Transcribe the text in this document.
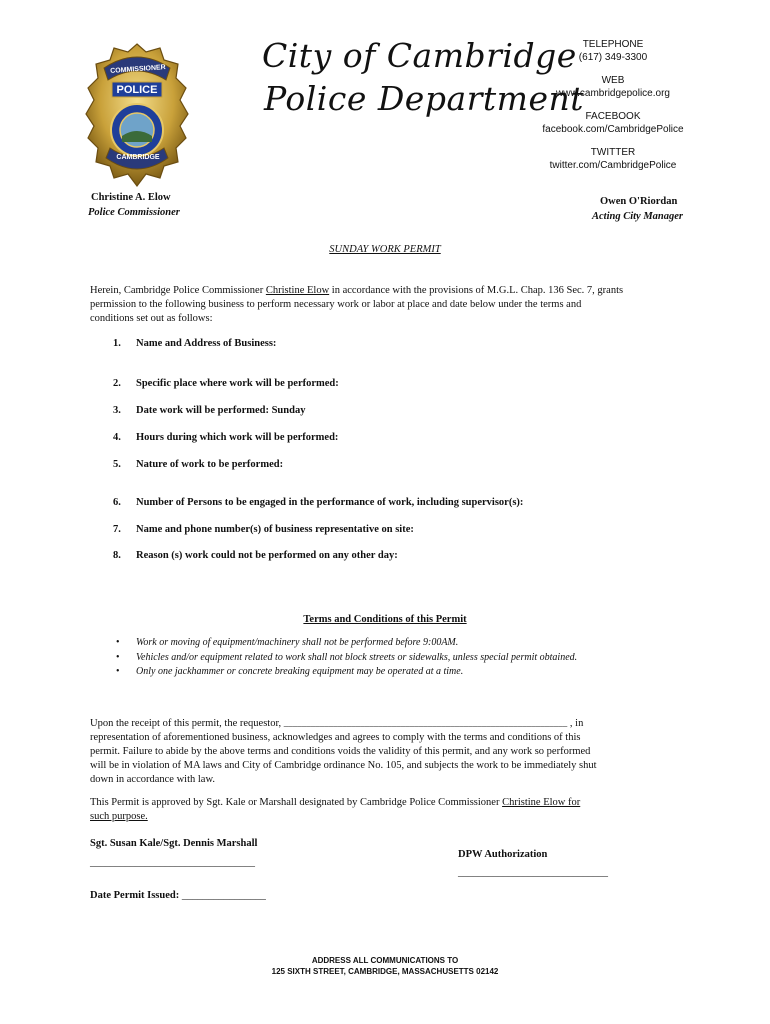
COMMISSIONER
POLICE
CAMBRIDGE
City of Cambridge
Police Department
TELEPHONE
(617) 349-3300
WEB
www.cambridgepolice.org
FACEBOOK
facebook.com/CambridgePolice
TWITTER
twitter.com/CambridgePolice
Christine A. Elow
Police Commissioner
Owen O'Riordan
Acting City Manager
SUNDAY WORK PERMIT
Herein, Cambridge Police Commissioner Christine Elow in accordance with the provisions of M.G.L. Chap. 136 Sec. 7, grants
permission to the following business to perform necessary work or labor at place and date below under the terms and
conditions set out as follows:
1. Name and Address of Business:
2. Specific place where work will be performed:
3. Date work will be performed: Sunday
4. Hours during which work will be performed:
5. Nature of work to be performed:
6. Number of Persons to be engaged in the performance of work, including supervisor(s):
7. Name and phone number(s) of business representative on site:
8. Reason (s) work could not be performed on any other day:
Terms and Conditions of this Permit
• Work or moving of equipment/machinery shall not be performed before 9:00AM.
• Vehicles and/or equipment related to work shall not block streets or sidewalks, unless special permit obtained.
• Only one jackhammer or concrete breaking equipment may be operated at a time.
Upon the receipt of this permit, the requestor, _______________________________________________________________ , in
representation of aforementioned business, acknowledges and agrees to comply with the terms and conditions of this
permit. Failure to abide by the above terms and conditions voids the validity of this permit, and any work so performed
will be in violation of MA laws and City of Cambridge ordinance No. 105, and subjects the work to be immediately shut
down in accordance with law.
This Permit is approved by Sgt. Kale or Marshall designated by Cambridge Police Commissioner Christine Elow for
such purpose.
Sgt. Susan Kale/Sgt. Dennis Marshall
_________________________________
DPW Authorization
______________________________
Date Permit Issued: ________________
ADDRESS ALL COMMUNICATIONS TO
125 SIXTH STREET, CAMBRIDGE, MASSACHUSETTS 02142
